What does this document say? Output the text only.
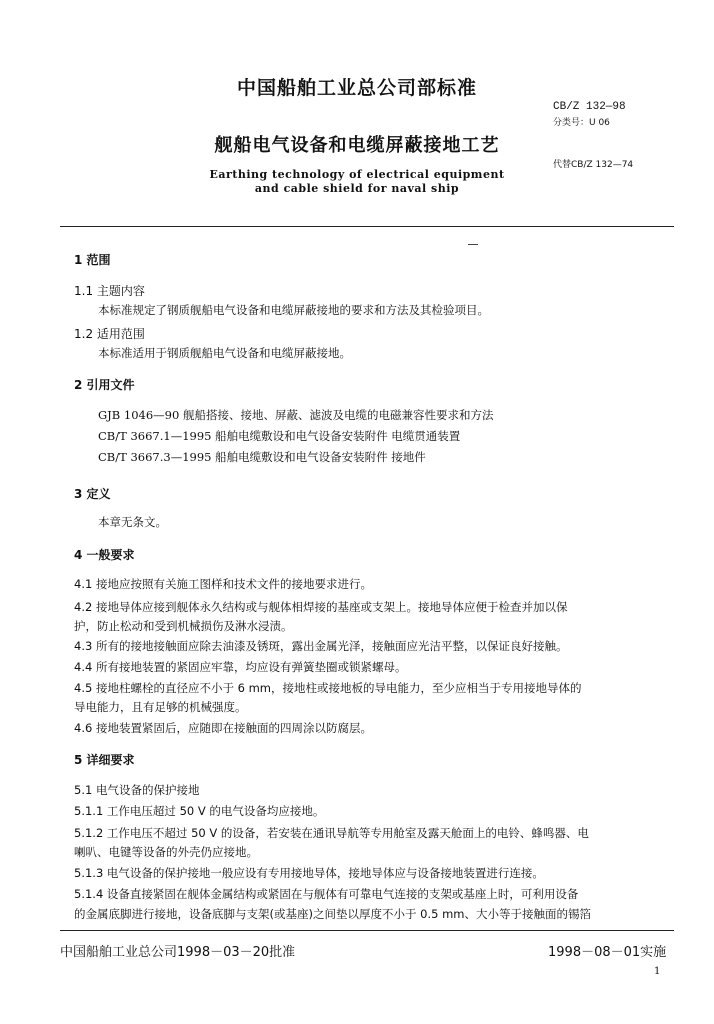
中国船舶工业总公司部标准
CB/Z 132—98
分类号：U 06
舰船电气设备和电缆屏蔽接地工艺
代替CB/Z 132—74
Earthing technology of electrical equipment
and cable shield for naval ship
1 范围
1.1 主题内容
本标准规定了钢质舰船电气设备和电缆屏蔽接地的要求和方法及其检验项目。
1.2 适用范围
本标准适用于钢质舰船电气设备和电缆屏蔽接地。
2 引用文件
GJB 1046—90 舰船搭接、接地、屏蔽、滤波及电缆的电磁兼容性要求和方法
CB/T 3667.1—1995 船舶电缆敷设和电气设备安装附件 电缆贯通装置
CB/T 3667.3—1995 船舶电缆敷设和电气设备安装附件 接地件
3 定义
本章无条文。
4 一般要求
4.1 接地应按照有关施工图样和技术文件的接地要求进行。
4.2 接地导体应接到舰体永久结构或与舰体相焊接的基座或支架上。接地导体应便于检查并加以保
护，防止松动和受到机械损伤及淋水浸渍。
4.3 所有的接地接触面应除去油漆及锈斑，露出金属光泽，接触面应光洁平整，以保证良好接触。
4.4 所有接地装置的紧固应牢靠，均应设有弹簧垫圈或锁紧螺母。
4.5 接地柱螺栓的直径应不小于 6 mm，接地柱或接地板的导电能力，至少应相当于专用接地导体的
导电能力，且有足够的机械强度。
4.6 接地装置紧固后，应随即在接触面的四周涂以防腐层。
5 详细要求
5.1 电气设备的保护接地
5.1.1 工作电压超过 50 V 的电气设备均应接地。
5.1.2 工作电压不超过 50 V 的设备，若安装在通讯导航等专用舱室及露天舱面上的电铃、蜂鸣器、电
喇叭、电键等设备的外壳仍应接地。
5.1.3 电气设备的保护接地一般应设有专用接地导体，接地导体应与设备接地装置进行连接。
5.1.4 设备直接紧固在舰体金属结构或紧固在与舰体有可靠电气连接的支架或基座上时，可利用设备
的金属底脚进行接地，设备底脚与支架(或基座)之间垫以厚度不小于 0.5 mm、大小等于接触面的锡箔
中国船舶工业总公司1998－03－20批准	1998－08－01实施
1
